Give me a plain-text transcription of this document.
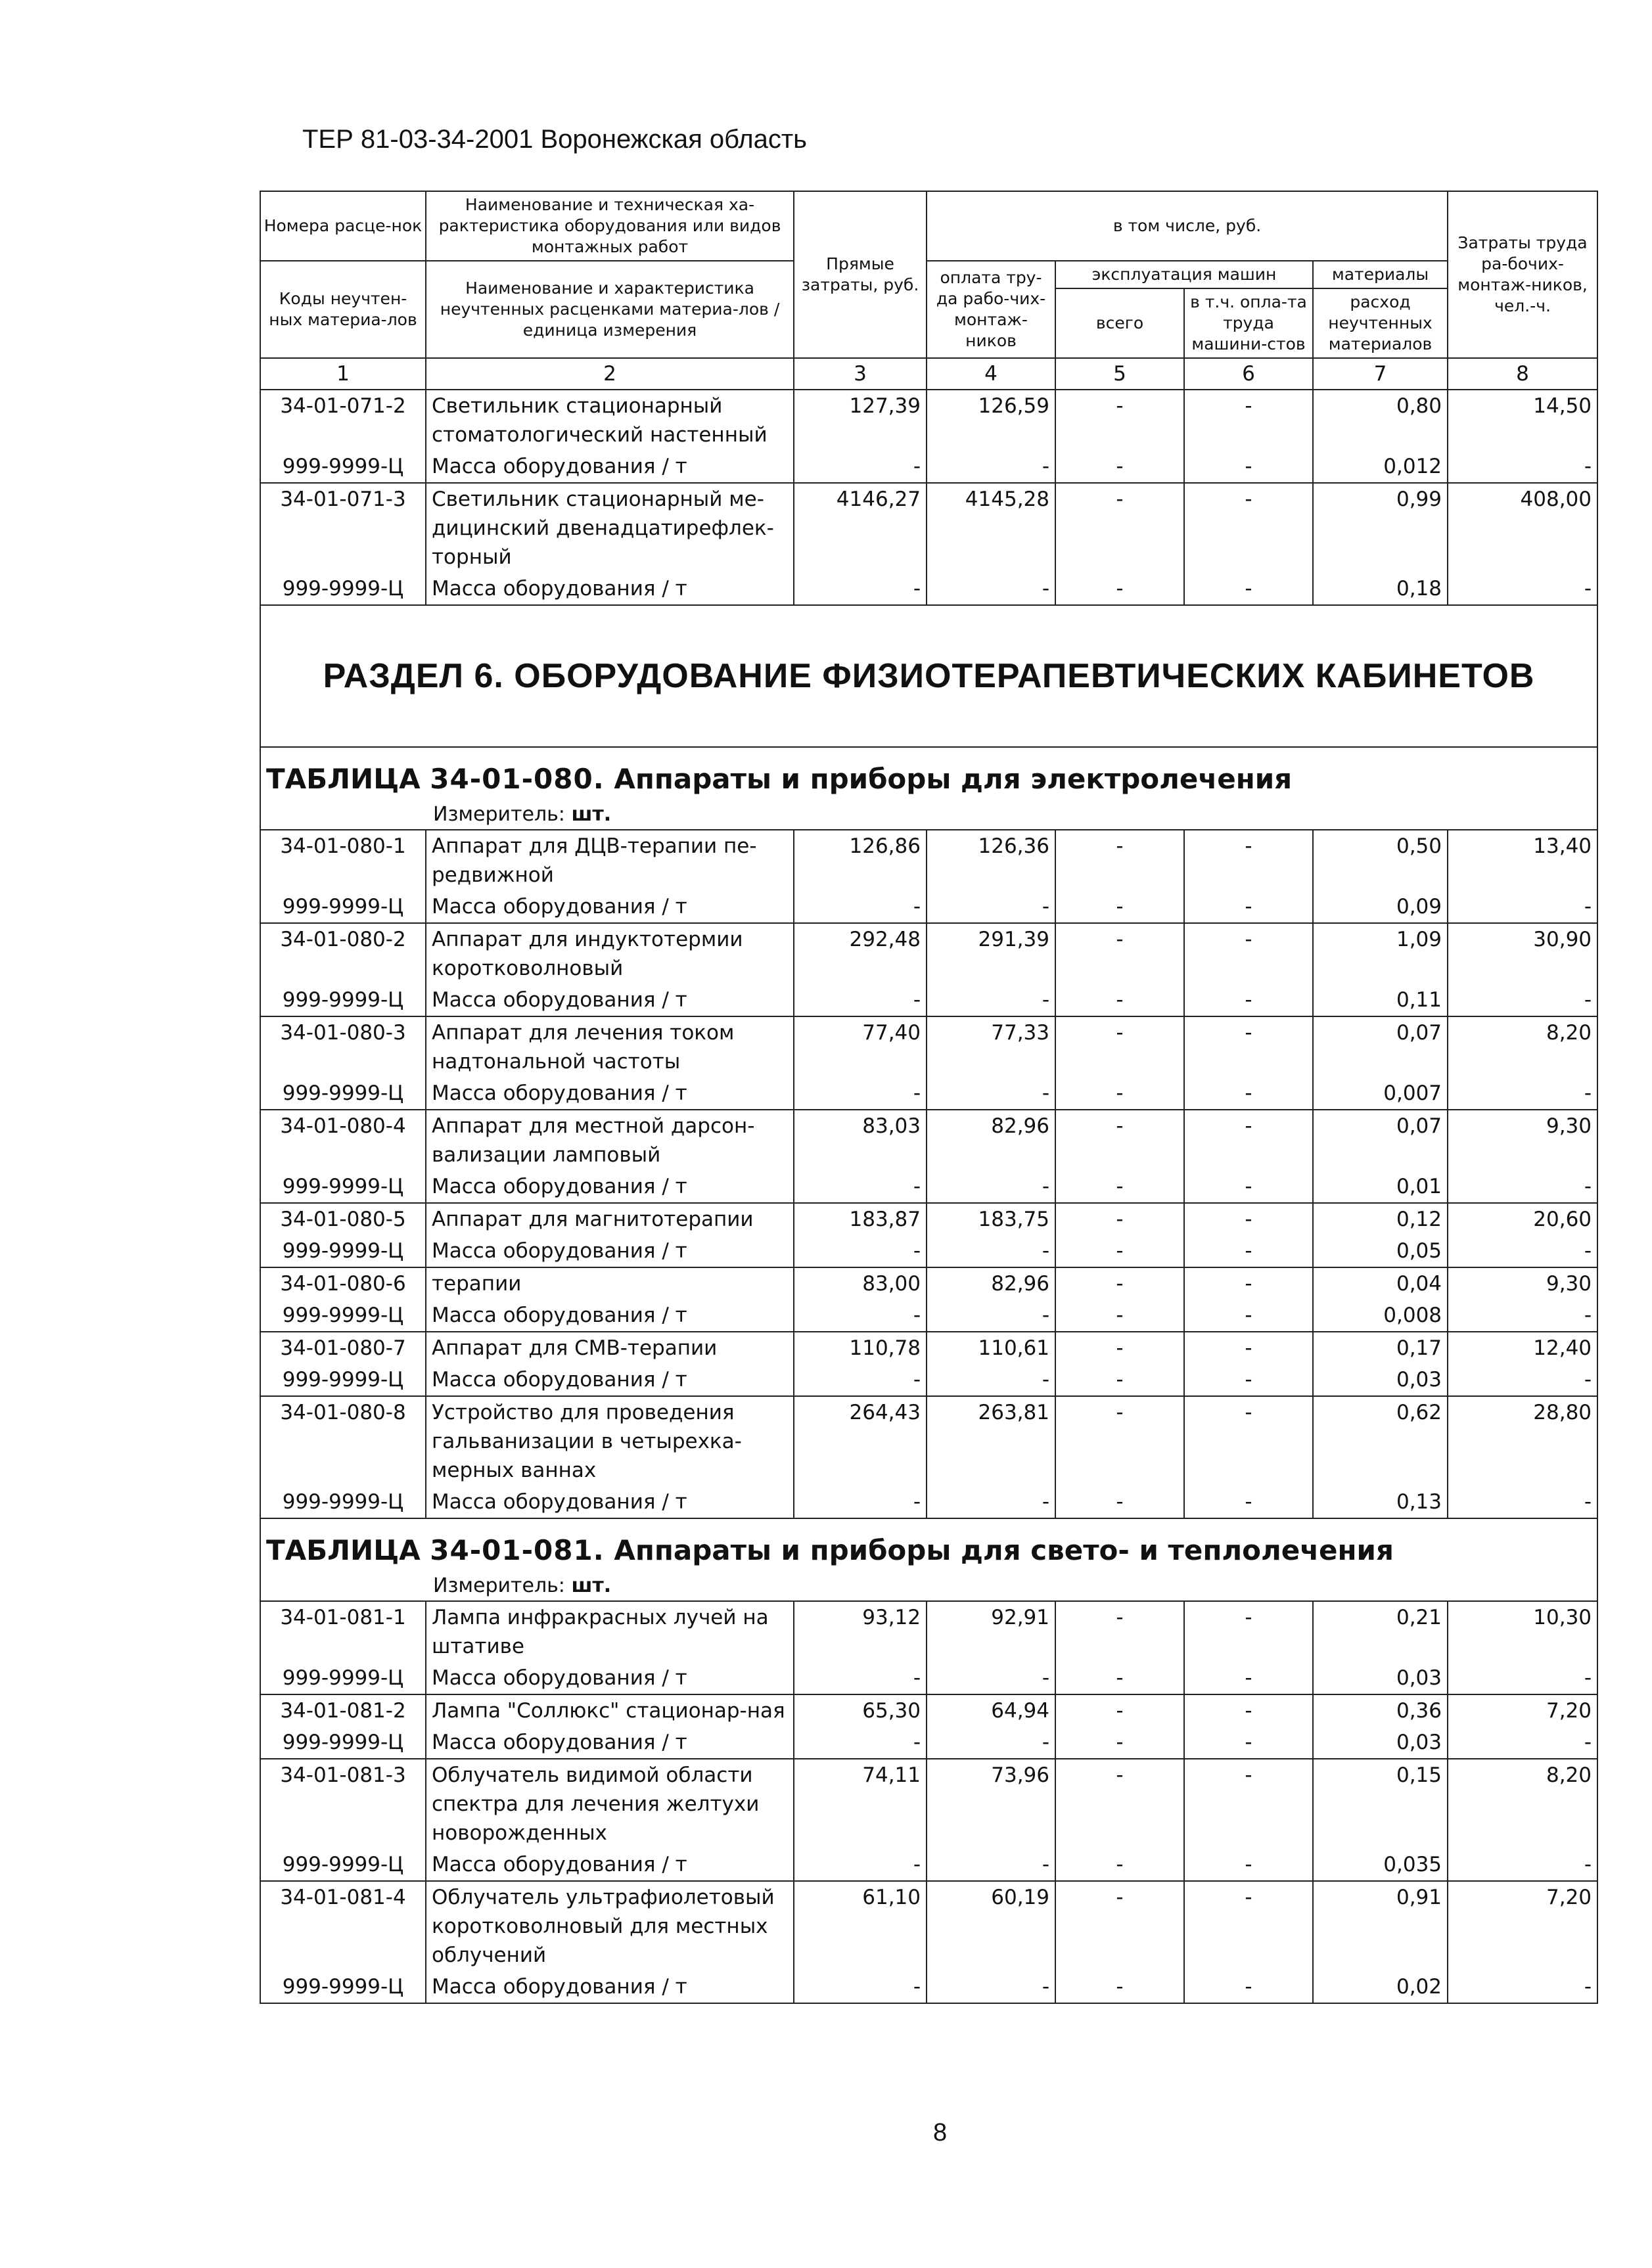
ТЕР 81-03-34-2001 Воронежская область
Номера расце-нок	Наименование и техническая ха-рактеристика оборудования или видов монтажных работ	Прямые затраты, руб.	в том числе, руб.				Затраты труда ра-бочих-монтаж-ников, чел.-ч.
Коды неучтен-ных материа-лов	Наименование и характеристика неучтенных расценками материа-лов / единица измерения		оплата тру-да рабо-чих-монтаж-ников	эксплуатация машин		материалы	
				всего	в т.ч. опла-та труда машини-стов	расход неучтенных материалов	
1	2	3	4	5	6	7	8
34-01-071-2	Светильник стационарный стоматологический настенный	127,39	126,59	-	-	0,80	14,50
999-9999-Ц	Масса оборудования / т	-	-	-	-	0,012	-
34-01-071-3	Светильник стационарный ме-дицинский двенадцатирефлек-торный	4146,27	4145,28	-	-	0,99	408,00
999-9999-Ц	Масса оборудования / т	-	-	-	-	0,18	-
РАЗДЕЛ 6. ОБОРУДОВАНИЕ ФИЗИОТЕРАПЕВТИЧЕСКИХ КАБИНЕТОВ							
ТАБЛИЦА 34-01-080. Аппараты и приборы для электролечения							
Измеритель: шт.							
34-01-080-1	Аппарат для ДЦВ-терапии пе-редвижной	126,86	126,36	-	-	0,50	13,40
999-9999-Ц	Масса оборудования / т	-	-	-	-	0,09	-
34-01-080-2	Аппарат для индуктотермии коротковолновый	292,48	291,39	-	-	1,09	30,90
999-9999-Ц	Масса оборудования / т	-	-	-	-	0,11	-
34-01-080-3	Аппарат для лечения током надтональной частоты	77,40	77,33	-	-	0,07	8,20
999-9999-Ц	Масса оборудования / т	-	-	-	-	0,007	-
34-01-080-4	Аппарат для местной дарсон-вализации ламповый	83,03	82,96	-	-	0,07	9,30
999-9999-Ц	Масса оборудования / т	-	-	-	-	0,01	-
34-01-080-5	Аппарат для магнитотерапии	183,87	183,75	-	-	0,12	20,60
999-9999-Ц	Масса оборудования / т	-	-	-	-	0,05	-
34-01-080-6	терапии	83,00	82,96	-	-	0,04	9,30
999-9999-Ц	Масса оборудования / т	-	-	-	-	0,008	-
34-01-080-7	Аппарат для СМВ-терапии	110,78	110,61	-	-	0,17	12,40
999-9999-Ц	Масса оборудования / т	-	-	-	-	0,03	-
34-01-080-8	Устройство для проведения гальванизации в четырехка-мерных ваннах	264,43	263,81	-	-	0,62	28,80
999-9999-Ц	Масса оборудования / т	-	-	-	-	0,13	-
ТАБЛИЦА 34-01-081. Аппараты и приборы для свето- и теплолечения							
Измеритель: шт.							
34-01-081-1	Лампа инфракрасных лучей на штативе	93,12	92,91	-	-	0,21	10,30
999-9999-Ц	Масса оборудования / т	-	-	-	-	0,03	-
34-01-081-2	Лампа "Соллюкс" стационар-ная	65,30	64,94	-	-	0,36	7,20
999-9999-Ц	Масса оборудования / т	-	-	-	-	0,03	-
34-01-081-3	Облучатель видимой области спектра для лечения желтухи новорожденных	74,11	73,96	-	-	0,15	8,20
999-9999-Ц	Масса оборудования / т	-	-	-	-	0,035	-
34-01-081-4	Облучатель ультрафиолетовый коротковолновый для местных облучений	61,10	60,19	-	-	0,91	7,20
999-9999-Ц	Масса оборудования / т	-	-	-	-	0,02	-
8
